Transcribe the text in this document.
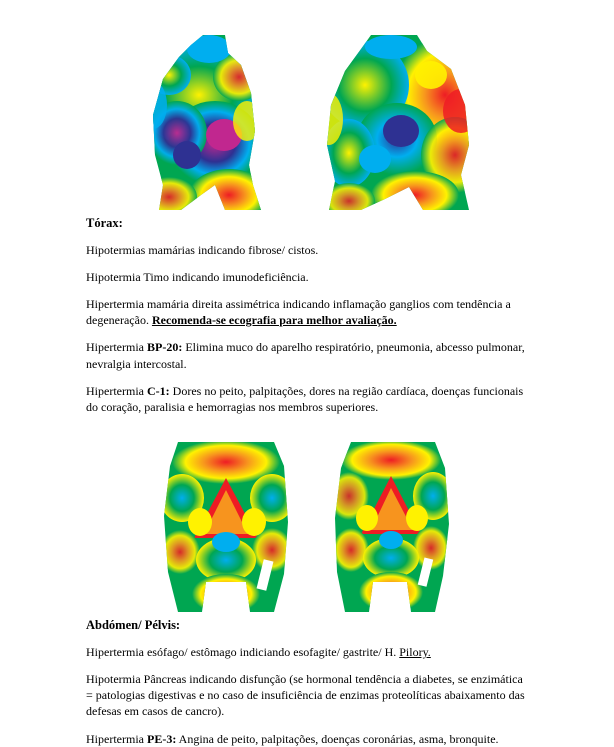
Tórax:

Hipotermias mamárias indicando fibrose/ cistos.

Hipotermia Timo indicando imunodeficiência.

Hipertermia mamária direita assimétrica indicando inflamação ganglios com tendência a degeneração. Recomenda-se ecografia para melhor avaliação.

Hipertermia BP-20: Elimina muco do aparelho respiratório, pneumonia, abcesso pulmonar, nevralgia intercostal.

Hipertermia C-1: Dores no peito, palpitações, dores na região cardíaca, doenças funcionais do coração, paralisia e hemorragias nos membros superiores.

Abdómen/ Pélvis:

Hipertermia esófago/ estômago indiciando esofagite/ gastrite/ H. Pilory.

Hipotermia Pâncreas indicando disfunção (se hormonal tendência a diabetes, se enzimática = patologias digestivas e no caso de insuficiência de enzimas proteolíticas abaixamento das defesas em casos de cancro).

Hipertermia PE-3: Angina de peito, palpitações, doenças coronárias, asma, bronquite.
